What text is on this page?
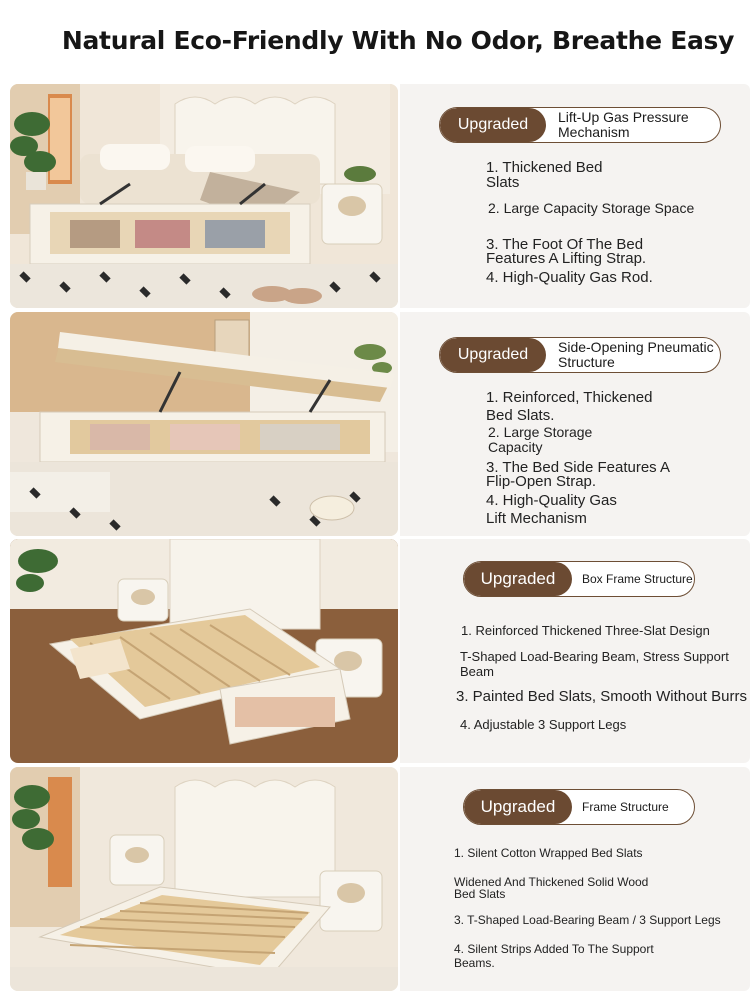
Natural Eco-Friendly With No Odor, Breathe Easy
Upgraded	Lift-Up Gas Pressure Mechanism
1. Thickened Bed Slats
2. Large Capacity Storage Space
3. The Foot Of The Bed Features A Lifting Strap.
4. High-Quality Gas Rod.
Upgraded	Side-Opening Pneumatic Structure
1. Reinforced, Thickened Bed Slats.
2. Large Storage Capacity
3. The Bed Side Features A Flip-Open Strap.
4. High-Quality Gas Lift Mechanism
Upgraded	Box Frame Structure
1. Reinforced Thickened Three-Slat Design
T-Shaped Load-Bearing Beam, Stress Support Beam
3. Painted Bed Slats, Smooth Without Burrs
4. Adjustable 3 Support Legs
Upgraded	Frame Structure
1. Silent Cotton Wrapped Bed Slats
Widened And Thickened Solid Wood Bed Slats
3. T-Shaped Load-Bearing Beam / 3 Support Legs
4. Silent Strips Added To The Support Beams.
